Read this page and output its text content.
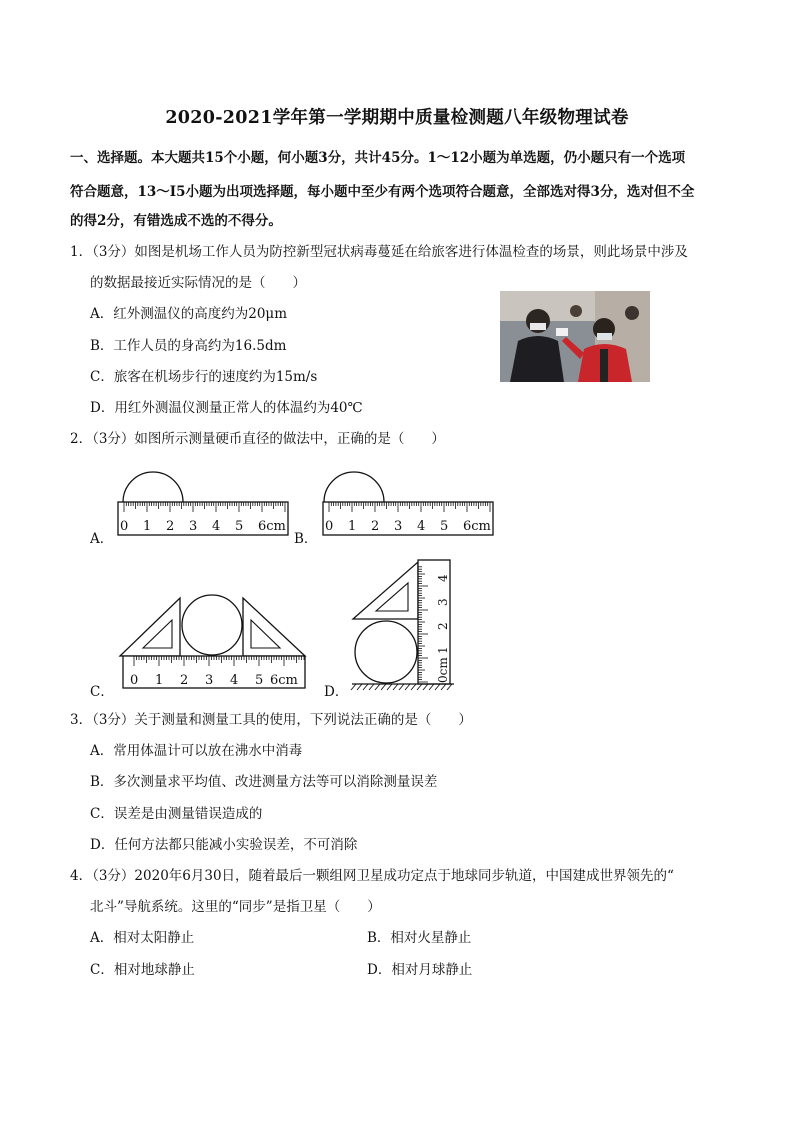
2020-2021学年第一学期期中质量检测题八年级物理试卷
一、选择题。本大题共15个小题，何小题3分，共计45分。1～12小题为单选题，仍小题只有一个选项
符合题意，13～I5小题为出项选择题，每小题中至少有两个选项符合题意，全部选对得3分，选对但不全
的得2分，有错选成不选的不得分。
1．（3分）如图是机场工作人员为防控新型冠状病毒蔓延在给旅客进行体温检查的场景，则此场景中涉及
的数据最接近实际情况的是（　　）
A．红外测温仪的高度约为20μm
B．工作人员的身高约为16.5dm
C．旅客在机场步行的速度约为15m/s
D．用红外测温仪测量正常人的体温约为40℃
2．（3分）如图所示测量硬币直径的做法中，正确的是（　　）
0 1 2 3 4 5 6cm
A．
0 1 2 3 4 5 6cm
B．
0 1 2 3 4 5 6cm
C．
0cm
1
2
3
4
D．
3．（3分）关于测量和测量工具的使用，下列说法正确的是（　　）
A．常用体温计可以放在沸水中消毒
B．多次测量求平均值、改进测量方法等可以消除测量误差
C．误差是由测量错误造成的
D．任何方法都只能减小实验误差，不可消除
4．（3分）2020年6月30日，随着最后一颗组网卫星成功定点于地球同步轨道，中国建成世界领先的“
北斗”导航系统。这里的“同步”是指卫星（　　）
A．相对太阳静止	B．相对火星静止
C．相对地球静止	D．相对月球静止
